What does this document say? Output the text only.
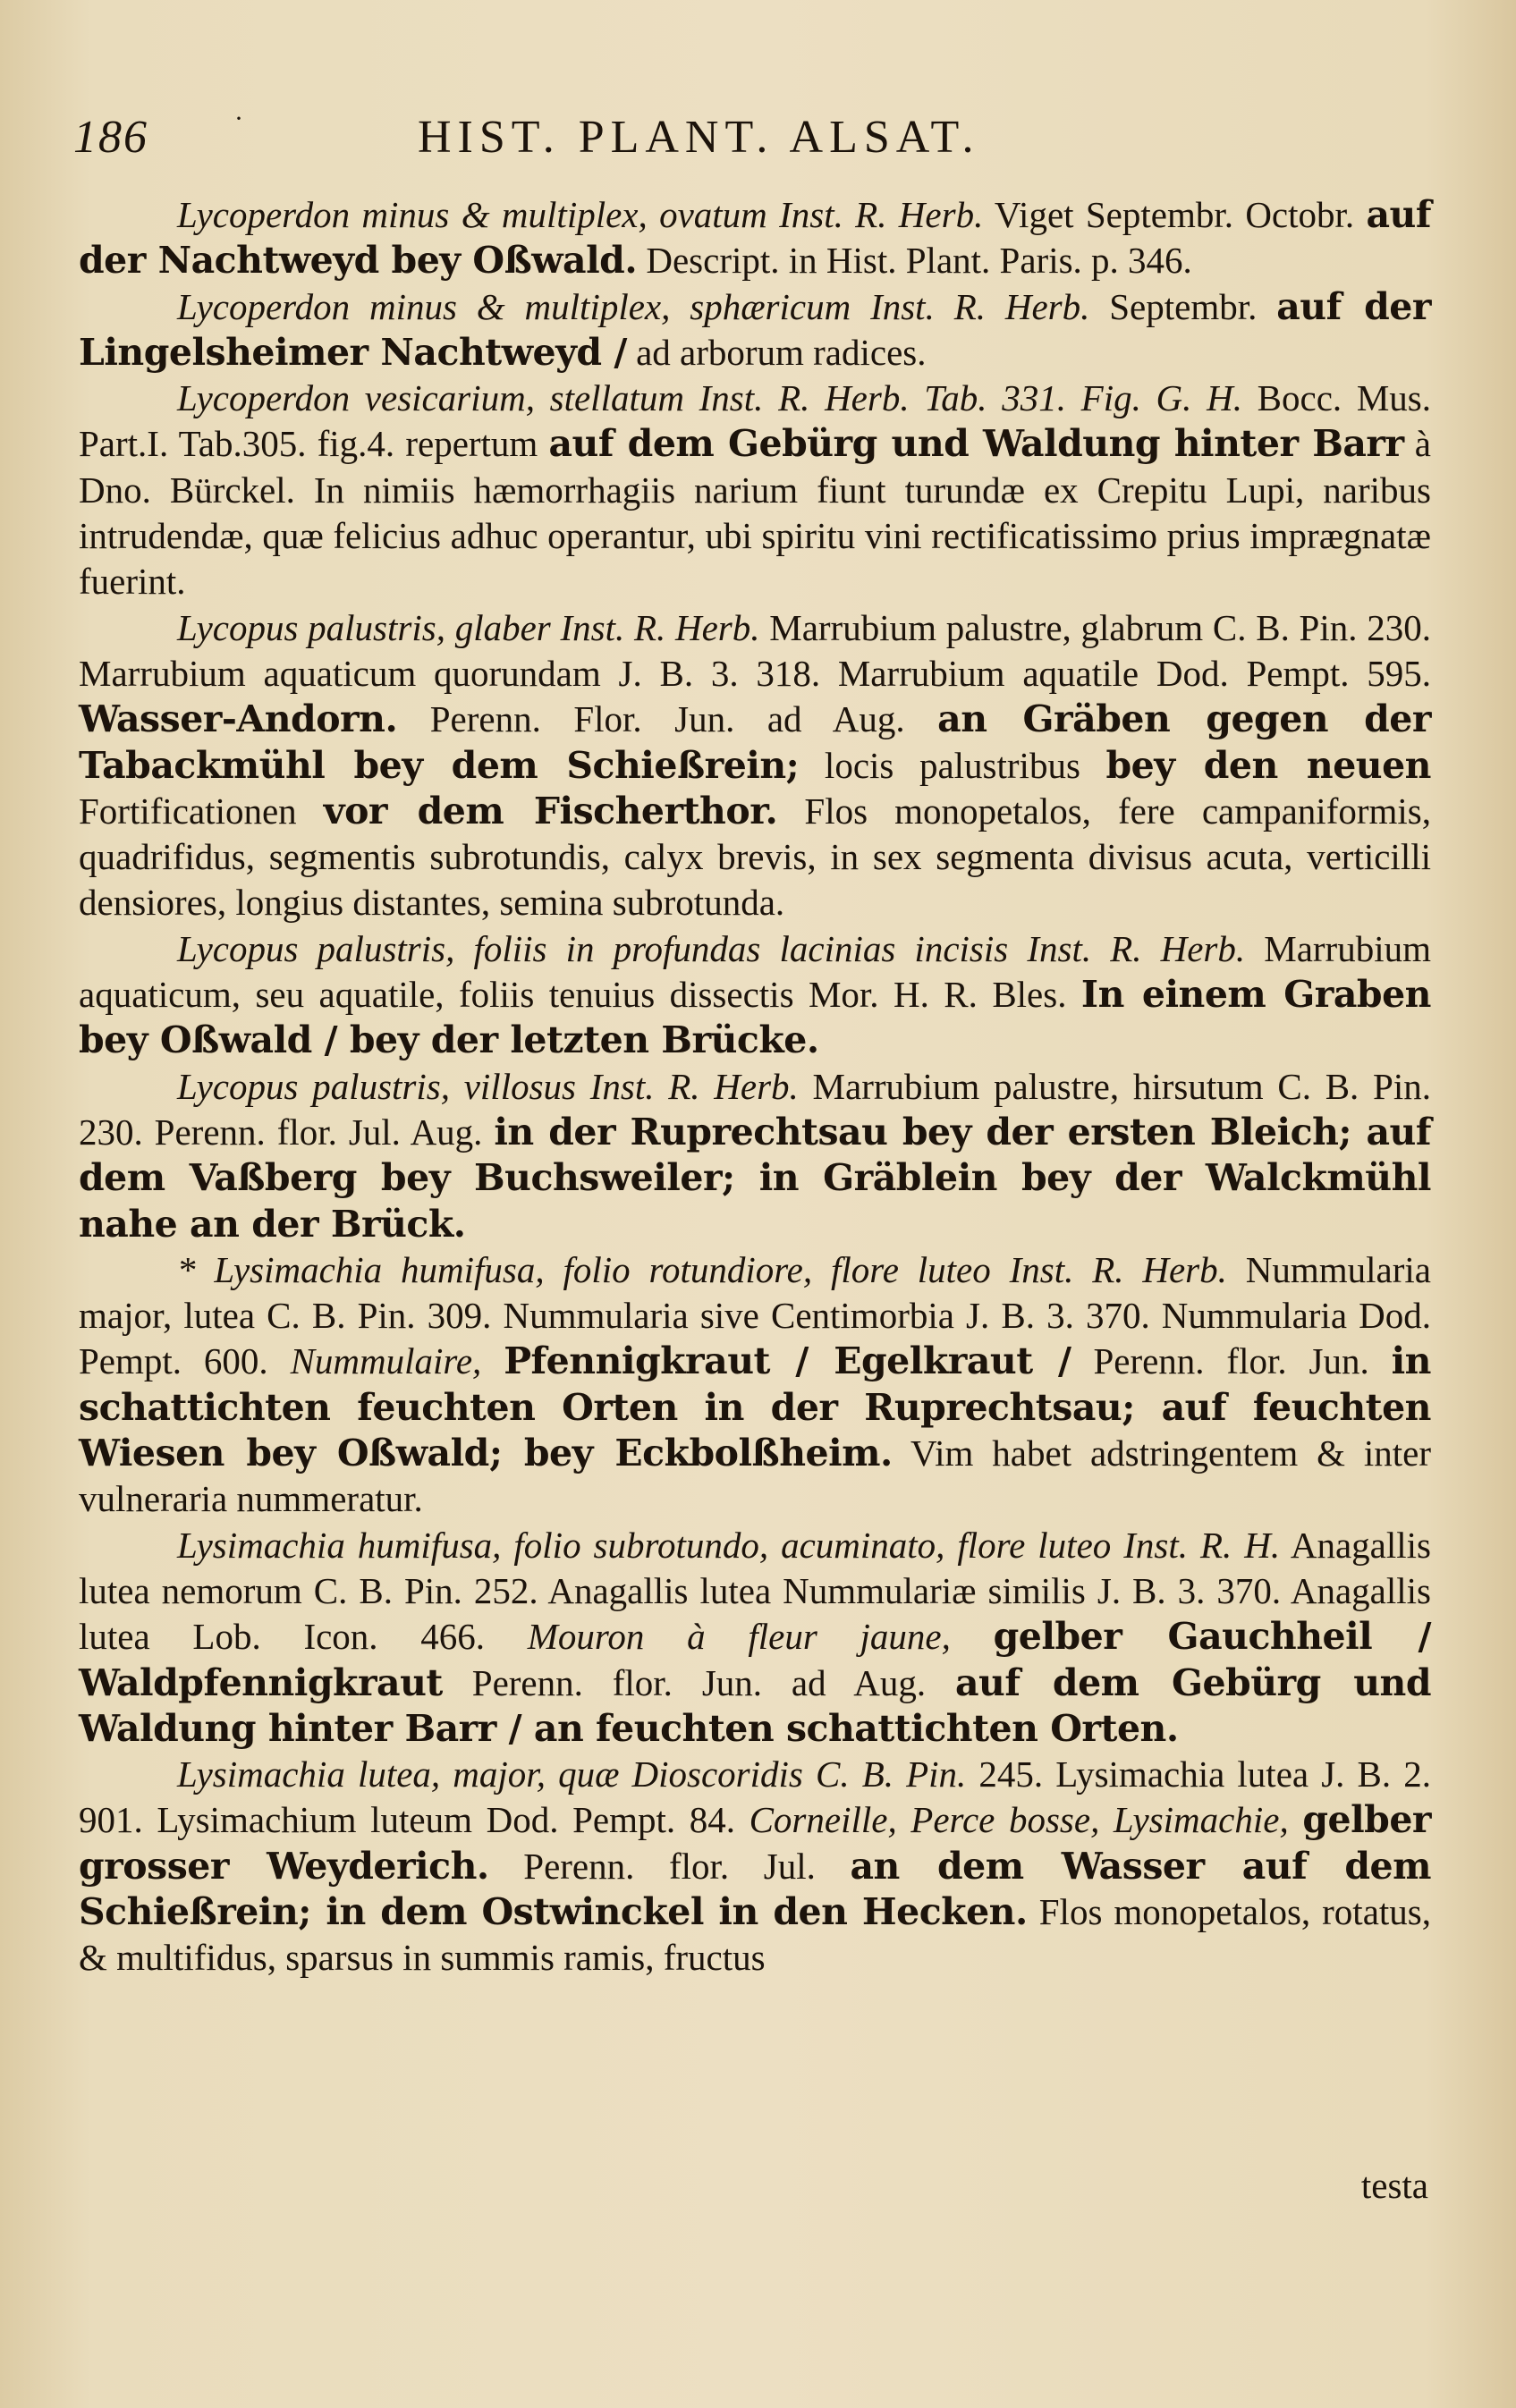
186	·	HIST. PLANT. ALSAT.

Lycoperdon minus & multiplex, ovatum Inst. R. Herb. Viget Septembr. Octobr. auf der Nachtweyd bey Oßwald. Descript. in Hist. Plant. Paris. p. 346.

Lycoperdon minus & multiplex, sphæricum Inst. R. Herb. Septembr. auf der Lingelsheimer Nachtweyd / ad arborum radices.

Lycoperdon vesicarium, stellatum Inst. R. Herb. Tab. 331. Fig. G. H. Bocc. Mus. Part.I. Tab.305. fig.4. repertum auf dem Gebürg und Waldung hinter Barr à Dno. Bürckel. In nimiis hæmorrhagiis narium fiunt turundæ ex Crepitu Lupi, naribus intrudendæ, quæ felicius adhuc operantur, ubi spiritu vini rectificatissimo prius imprægnatæ fuerint.

Lycopus palustris, glaber Inst. R. Herb. Marrubium palustre, glabrum C. B. Pin. 230. Marrubium aquaticum quorundam J. B. 3. 318. Marrubium aquatile Dod. Pempt. 595. Wasser-Andorn. Perenn. Flor. Jun. ad Aug. an Gräben gegen der Tabackmühl bey dem Schießrein; locis palustribus bey den neuen Fortificationen vor dem Fischerthor. Flos monopetalos, fere campaniformis, quadrifidus, segmentis subrotundis, calyx brevis, in sex segmenta divisus acuta, verticilli densiores, longius distantes, semina subrotunda.

Lycopus palustris, foliis in profundas lacinias incisis Inst. R. Herb. Marrubium aquaticum, seu aquatile, foliis tenuius dissectis Mor. H. R. Bles. In einem Graben bey Oßwald / bey der letzten Brücke.

Lycopus palustris, villosus Inst. R. Herb. Marrubium palustre, hirsutum C. B. Pin. 230. Perenn. flor. Jul. Aug. in der Ruprechtsau bey der ersten Bleich; auf dem Vaßberg bey Buchsweiler; in Gräblein bey der Walckmühl nahe an der Brück.

* Lysimachia humifusa, folio rotundiore, flore luteo Inst. R. Herb. Nummularia major, lutea C. B. Pin. 309. Nummularia sive Centimorbia J. B. 3. 370. Nummularia Dod. Pempt. 600. Nummulaire, Pfennigkraut / Egelkraut / Perenn. flor. Jun. in schattichten feuchten Orten in der Ruprechtsau; auf feuchten Wiesen bey Oßwald; bey Eckbolßheim. Vim habet adstringentem & inter vulneraria nummeratur.

Lysimachia humifusa, folio subrotundo, acuminato, flore luteo Inst. R. H. Anagallis lutea nemorum C. B. Pin. 252. Anagallis lutea Nummulariæ similis J. B. 3. 370. Anagallis lutea Lob. Icon. 466. Mouron à fleur jaune, gelber Gauchheil / Waldpfennigkraut Perenn. flor. Jun. ad Aug. auf dem Gebürg und Waldung hinter Barr / an feuchten schattichten Orten.

Lysimachia lutea, major, quæ Dioscoridis C. B. Pin. 245. Lysimachia lutea J. B. 2. 901. Lysimachium luteum Dod. Pempt. 84. Corneille, Perce bosse, Lysimachie, gelber grosser Weyderich. Perenn. flor. Jul. an dem Wasser auf dem Schießrein; in dem Ostwinckel in den Hecken. Flos monopetalos, rotatus, & multifidus, sparsus in summis ramis, fructus

testa
